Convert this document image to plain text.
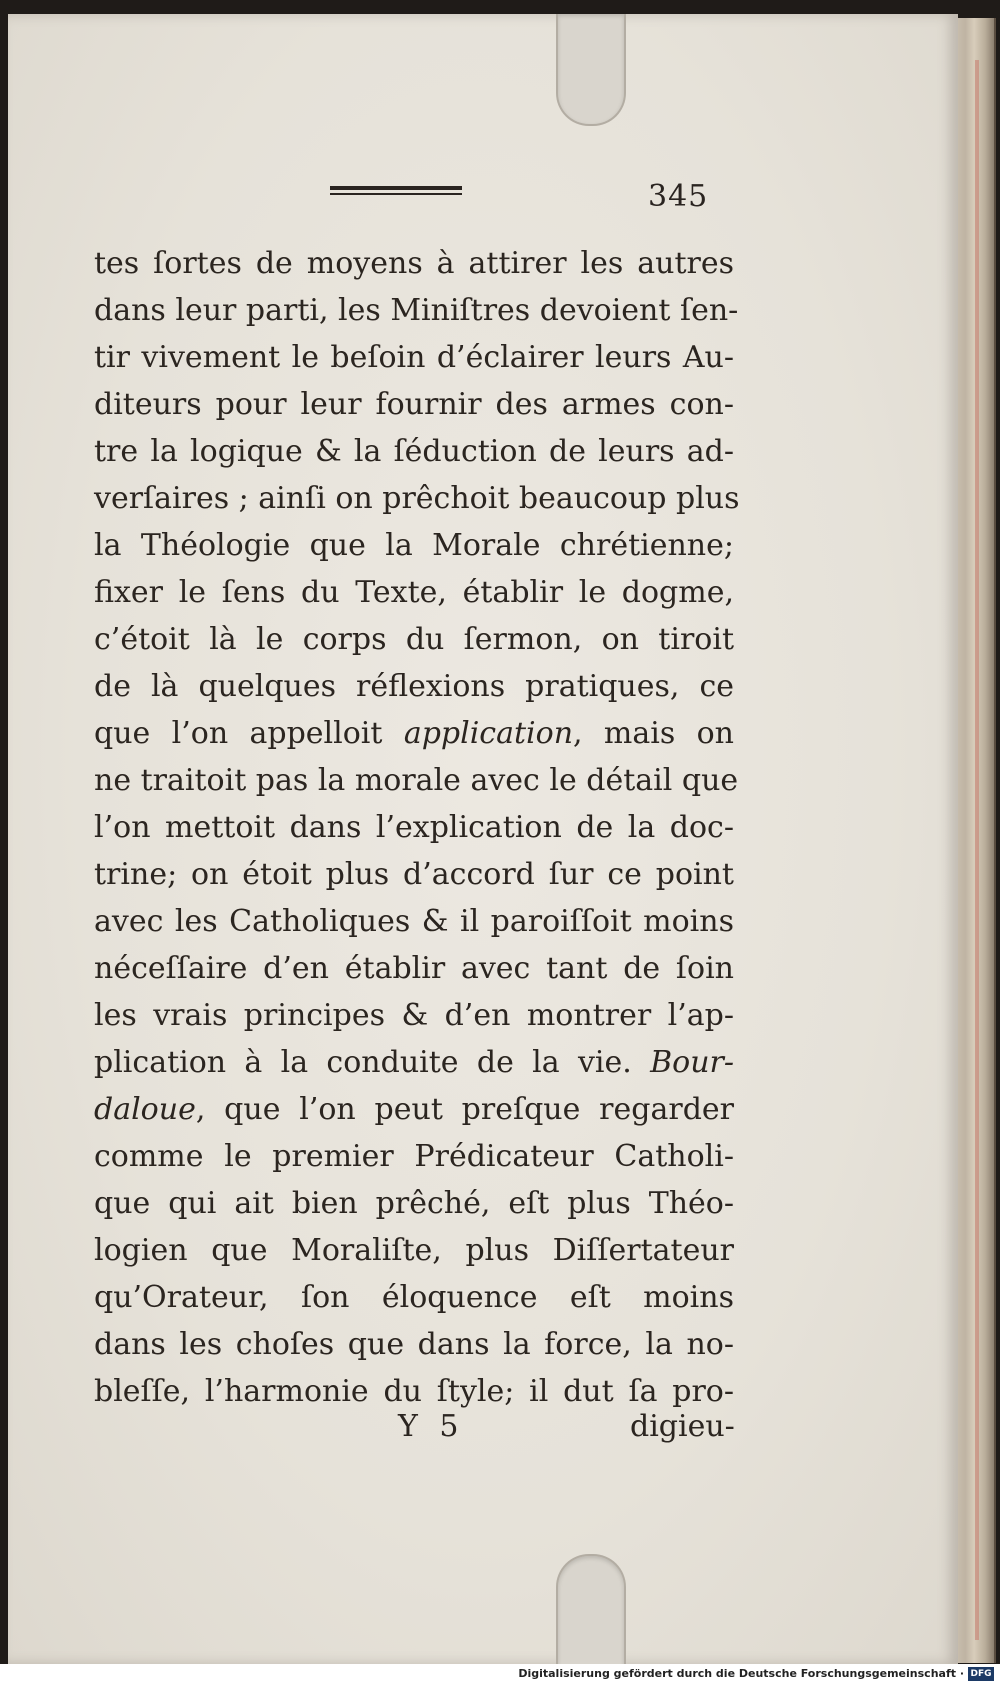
345
tes ſortes de moyens à attirer les autres
dans leur parti, les Miniſtres devoient ſen-
tir vivement le beſoin d’éclairer leurs Au-
diteurs pour leur fournir des armes con-
tre la logique & la ſéduction de leurs ad-
verſaires ; ainſi on prêchoit beaucoup plus
la Théologie que la Morale chrétienne;
fixer le ſens du Texte, établir le dogme,
c’étoit là le corps du ſermon, on tiroit
de là quelques réflexions pratiques, ce
que l’on appelloit application, mais on
ne traitoit pas la morale avec le détail que
l’on mettoit dans l’explication de la doc-
trine; on étoit plus d’accord ſur ce point
avec les Catholiques & il paroiſſoit moins
néceſſaire d’en établir avec tant de ſoin
les vrais principes & d’en montrer l’ap-
plication à la conduite de la vie. Bour-
daloue, que l’on peut preſque regarder
comme le premier Prédicateur Catholi-
que qui ait bien prêché, eſt plus Théo-
logien que Moraliſte, plus Diſſertateur
qu’Orateur, ſon éloquence eſt moins
dans les choſes que dans la force, la no-
bleſſe, l’harmonie du ſtyle; il dut ſa pro-
Y 5	digieu-
Digitalisierung gefördert durch die Deutsche Forschungsgemeinschaft · DFG
